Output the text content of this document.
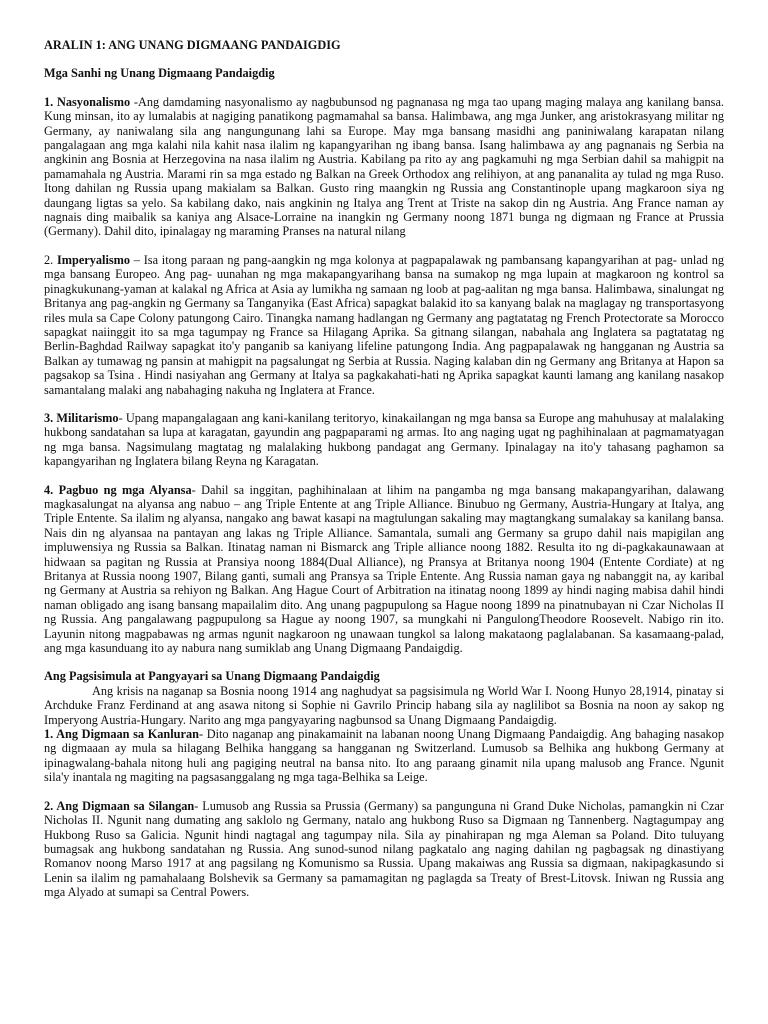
ARALIN 1: ANG UNANG DIGMAANG PANDAIGDIG
Mga Sanhi ng Unang Digmaang Pandaigdig

1. Nasyonalismo -Ang damdaming nasyonalismo ay nagbubunsod ng pagnanasa ng mga tao upang maging malaya ang kanilang bansa. Kung minsan, ito ay lumalabis at nagiging panatikong pagmamahal sa bansa. Halimbawa, ang mga Junker, ang aristokrasyang militar ng Germany, ay naniwalang sila ang nangungunang lahi sa Europe. May mga bansang masidhi ang paniniwalang karapatan nilang pangalagaan ang mga kalahi nila kahit nasa ilalim ng kapangyarihan ng ibang bansa. Isang halimbawa ay ang pagnanais ng Serbia na angkinin ang Bosnia at Herzegovina na nasa ilalim ng Austria. Kabilang pa rito ay ang pagkamuhi ng mga Serbian dahil sa mahigpit na pamamahala ng Austria. Marami rin sa mga estado ng Balkan na Greek Orthodox ang relihiyon, at ang pananalita ay tulad ng mga Ruso. Itong dahilan ng Russia upang makialam sa Balkan. Gusto ring maangkin ng Russia ang Constantinople upang magkaroon siya ng daungang ligtas sa yelo. Sa kabilang dako, nais angkinin ng Italya ang Trent at Triste na sakop din ng Austria. Ang France naman ay nagnais ding maibalik sa kaniya ang Alsace-Lorraine na inangkin ng Germany noong 1871 bunga ng digmaan ng France at Prussia (Germany). Dahil dito, ipinalagay ng maraming Pranses na natural nilang

2. Imperyalismo – Isa itong paraan ng pang-aangkin ng mga kolonya at pagpapalawak ng pambansang kapangyarihan at pag- unlad ng mga bansang Europeo. Ang pag- uunahan ng mga makapangyarihang bansa na sumakop ng mga lupain at magkaroon ng kontrol sa pinagkukunang-yaman at kalakal ng Africa at Asia ay lumikha ng samaan ng loob at pag-aalitan ng mga bansa. Halimbawa, sinalungat ng Britanya ang pag-angkin ng Germany sa Tanganyika (East Africa) sapagkat balakid ito sa kanyang balak na maglagay ng transportasyong riles mula sa Cape Colony patungong Cairo. Tinangka namang hadlangan ng Germany ang pagtatatag ng French Protectorate sa Morocco sapagkat naiinggit ito sa mga tagumpay ng France sa Hilagang Aprika. Sa gitnang silangan, nabahala ang Inglatera sa pagtatatag ng Berlin-Baghdad Railway sapagkat ito'y panganib sa kaniyang lifeline patungong India. Ang pagpapalawak ng hangganan ng Austria sa Balkan ay tumawag ng pansin at mahigpit na pagsalungat ng Serbia at Russia. Naging kalaban din ng Germany ang Britanya at Hapon sa pagsakop sa Tsina . Hindi nasiyahan ang Germany at Italya sa pagkakahati-hati ng Aprika sapagkat kaunti lamang ang kanilang nasakop samantalang malaki ang nabahaging nakuha ng Inglatera at France.

3. Militarismo- Upang mapangalagaan ang kani-kanilang teritoryo, kinakailangan ng mga bansa sa Europe ang mahuhusay at malalaking hukbong sandatahan sa lupa at karagatan, gayundin ang pagpaparami ng armas. Ito ang naging ugat ng paghihinalaan at pagmamatyagan ng mga bansa. Nagsimulang magtatag ng malalaking hukbong pandagat ang Germany. Ipinalagay na ito'y tahasang paghamon sa kapangyarihan ng Inglatera bilang Reyna ng Karagatan.

4. Pagbuo ng mga Alyansa- Dahil sa inggitan, paghihinalaan at lihim na pangamba ng mga bansang makapangyarihan, dalawang magkasalungat na alyansa ang nabuo – ang Triple Entente at ang Triple Alliance. Binubuo ng Germany, Austria-Hungary at Italya, ang Triple Entente. Sa ilalim ng alyansa, nangako ang bawat kasapi na magtulungan sakaling may magtangkang sumalakay sa kanilang bansa. Nais din ng alyansaa na pantayan ang lakas ng Triple Alliance. Samantala, sumali ang Germany sa grupo dahil nais mapigilan ang impluwensiya ng Russia sa Balkan. Itinatag naman ni Bismarck ang Triple alliance noong 1882. Resulta ito ng di-pagkakaunawaan at hidwaan sa pagitan ng Russia at Pransiya noong 1884(Dual Alliance), ng Pransya at Britanya noong 1904 (Entente Cordiate) at ng Britanya at Russia noong 1907, Bilang ganti, sumali ang Pransya sa Triple Entente. Ang Russia naman gaya ng nabanggit na, ay karibal ng Germany at Austria sa rehiyon ng Balkan. Ang Hague Court of Arbitration na itinatag noong 1899 ay hindi naging mabisa dahil hindi naman obligado ang isang bansang mapailalim dito. Ang unang pagpupulong sa Hague noong 1899 na pinatnubayan ni Czar Nicholas II ng Russia. Ang pangalawang pagpupulong sa Hague ay noong 1907, sa mungkahi ni PangulongTheodore Roosevelt. Nabigo rin ito. Layunin nitong magpabawas ng armas ngunit nagkaroon ng unawaan tungkol sa lalong makataong paglalabanan. Sa kasamaang-palad, ang mga kasunduang ito ay nabura nang sumiklab ang Unang Digmaang Pandaigdig.

Ang Pagsisimula at Pangyayari sa Unang Digmaang Pandaigdig

Ang krisis na naganap sa Bosnia noong 1914 ang naghudyat sa pagsisimula ng World War I. Noong Hunyo 28,1914, pinatay si Archduke Franz Ferdinand at ang asawa nitong si Sophie ni Gavrilo Princip habang sila ay naglilibot sa Bosnia na noon ay sakop ng Imperyong Austria-Hungary. Narito ang mga pangyayaring nagbunsod sa Unang Digmaang Pandaigdig.

1. Ang Digmaan sa Kanluran- Dito naganap ang pinakamainit na labanan noong Unang Digmaang Pandaigdig. Ang bahaging nasakop ng digmaaan ay mula sa hilagang Belhika hanggang sa hangganan ng Switzerland. Lumusob sa Belhika ang hukbong Germany at ipinagwalang-bahala nitong huli ang pagiging neutral na bansa nito. Ito ang paraang ginamit nila upang malusob ang France. Ngunit sila'y inantala ng magiting na pagsasanggalang ng mga taga-Belhika sa Leige.

2. Ang Digmaan sa Silangan- Lumusob ang Russia sa Prussia (Germany) sa pangunguna ni Grand Duke Nicholas, pamangkin ni Czar Nicholas II. Ngunit nang dumating ang saklolo ng Germany, natalo ang hukbong Ruso sa Digmaan ng Tannenberg. Nagtagumpay ang Hukbong Ruso sa Galicia. Ngunit hindi nagtagal ang tagumpay nila. Sila ay pinahirapan ng mga Aleman sa Poland. Dito tuluyang bumagsak ang hukbong sandatahan ng Russia. Ang sunod-sunod nilang pagkatalo ang naging dahilan ng pagbagsak ng dinastiyang Romanov noong Marso 1917 at ang pagsilang ng Komunismo sa Russia. Upang makaiwas ang Russia sa digmaan, nakipagkasundo si Lenin sa ilalim ng pamahalaang Bolshevik sa Germany sa pamamagitan ng paglagda sa Treaty of Brest-Litovsk. Iniwan ng Russia ang mga Alyado at sumapi sa Central Powers.
